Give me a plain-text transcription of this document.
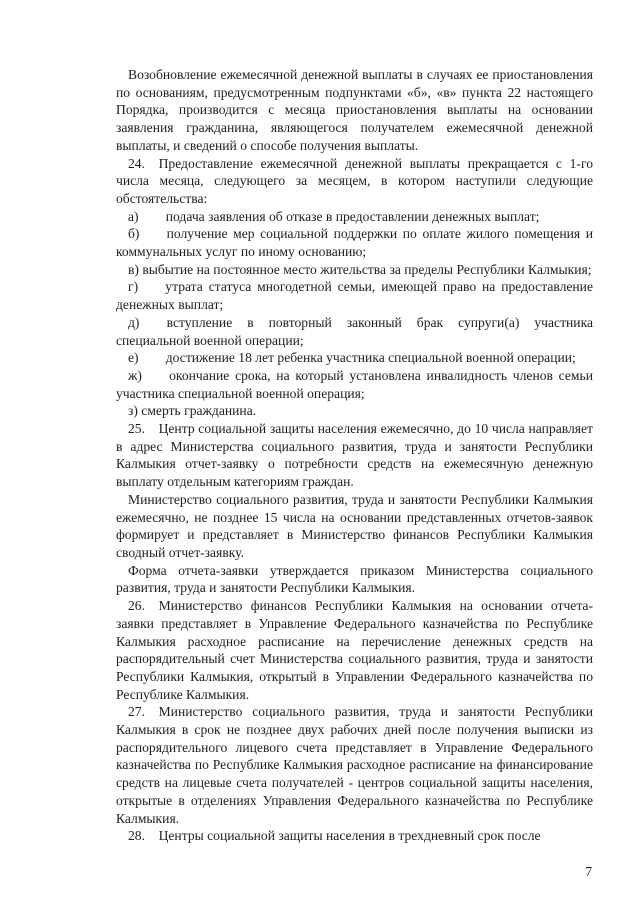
Возобновление ежемесячной денежной выплаты в случаях ее приостановления по основаниям, предусмотренным подпунктами «б», «в» пункта 22 настоящего Порядка, производится с месяца приостановления выплаты на основании заявления гражданина, являющегося получателем ежемесячной денежной выплаты, и сведений о способе получения выплаты.

24. Предоставление ежемесячной денежной выплаты прекращается с 1-го числа месяца, следующего за месяцем, в котором наступили следующие обстоятельства:

а)  подача заявления об отказе в предоставлении денежных выплат;

б)  получение мер социальной поддержки по оплате жилого помещения и коммунальных услуг по иному основанию;

в) выбытие на постоянное место жительства за пределы Республики Калмыкия;

г)  утрата статуса многодетной семьи, имеющей право на предоставление денежных выплат;

д)  вступление в повторный законный брак супруги(а) участника специальной военной операции;

е)  достижение 18 лет ребенка участника специальной военной операции;

ж)  окончание срока, на который установлена инвалидность членов семьи участника специальной военной операция;

з) смерть гражданина.

25. Центр социальной защиты населения ежемесячно, до 10 числа направляет в адрес Министерства социального развития, труда и занятости Республики Калмыкия отчет-заявку о потребности средств на ежемесячную денежную выплату отдельным категориям граждан.

Министерство социального развития, труда и занятости Республики Калмыкия ежемесячно, не позднее 15 числа на основании представленных отчетов-заявок формирует и представляет в Министерство финансов Республики Калмыкия сводный отчет-заявку.

Форма отчета-заявки утверждается приказом Министерства социального развития, труда и занятости Республики Калмыкия.

26. Министерство финансов Республики Калмыкия на основании отчета-заявки представляет в Управление Федерального казначейства по Республике Калмыкия расходное расписание на перечисление денежных средств на распорядительный счет Министерства социального развития, труда и занятости Республики Калмыкия, открытый в Управлении Федерального казначейства по Республике Калмыкия.

27. Министерство социального развития, труда и занятости Республики Калмыкия в срок не позднее двух рабочих дней после получения выписки из распорядительного лицевого счета представляет в Управление Федерального казначейства по Республике Калмыкия расходное расписание на финансирование средств на лицевые счета получателей - центров социальной защиты населения, открытые в отделениях Управления Федерального казначейства по Республике Калмыкия.

28. Центры социальной защиты населения в трехдневный срок после

7
